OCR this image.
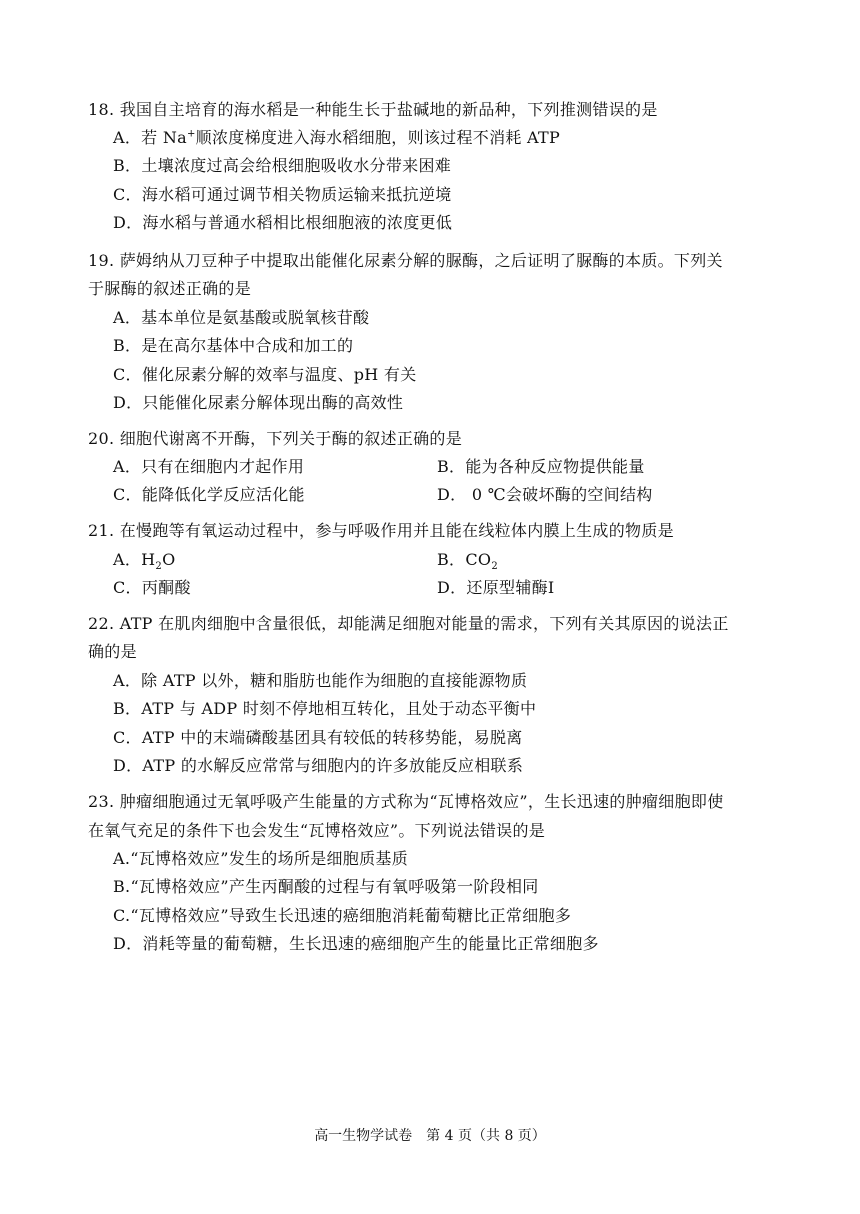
18. 我国自主培育的海水稻是一种能生长于盐碱地的新品种，下列推测错误的是
A．若 Na+顺浓度梯度进入海水稻细胞，则该过程不消耗 ATP
B．土壤浓度过高会给根细胞吸收水分带来困难
C．海水稻可通过调节相关物质运输来抵抗逆境
D．海水稻与普通水稻相比根细胞液的浓度更低
19. 萨姆纳从刀豆种子中提取出能催化尿素分解的脲酶，之后证明了脲酶的本质。下列关
于脲酶的叙述正确的是
A．基本单位是氨基酸或脱氧核苷酸
B．是在高尔基体中合成和加工的
C．催化尿素分解的效率与温度、pH 有关
D．只能催化尿素分解体现出酶的高效性
20. 细胞代谢离不开酶，下列关于酶的叙述正确的是
A．只有在细胞内才起作用	B．能为各种反应物提供能量
C．能降低化学反应活化能	D． 0 ℃会破坏酶的空间结构
21. 在慢跑等有氧运动过程中，参与呼吸作用并且能在线粒体内膜上生成的物质是
A．$H_2O$	B．$CO_2$
C．丙酮酸	D．还原型辅酶Ⅰ
22. ATP 在肌肉细胞中含量很低，却能满足细胞对能量的需求，下列有关其原因的说法正
确的是
A．除 ATP 以外，糖和脂肪也能作为细胞的直接能源物质
B．ATP 与 ADP 时刻不停地相互转化，且处于动态平衡中
C．ATP 中的末端磷酸基团具有较低的转移势能，易脱离
D．ATP 的水解反应常常与细胞内的许多放能反应相联系
23. 肿瘤细胞通过无氧呼吸产生能量的方式称为“瓦博格效应”，生长迅速的肿瘤细胞即使
在氧气充足的条件下也会发生“瓦博格效应”。下列说法错误的是
A.“瓦博格效应”发生的场所是细胞质基质
B.“瓦博格效应”产生丙酮酸的过程与有氧呼吸第一阶段相同
C.“瓦博格效应”导致生长迅速的癌细胞消耗葡萄糖比正常细胞多
D．消耗等量的葡萄糖，生长迅速的癌细胞产生的能量比正常细胞多
高一生物学试卷　第 4 页（共 8 页）
